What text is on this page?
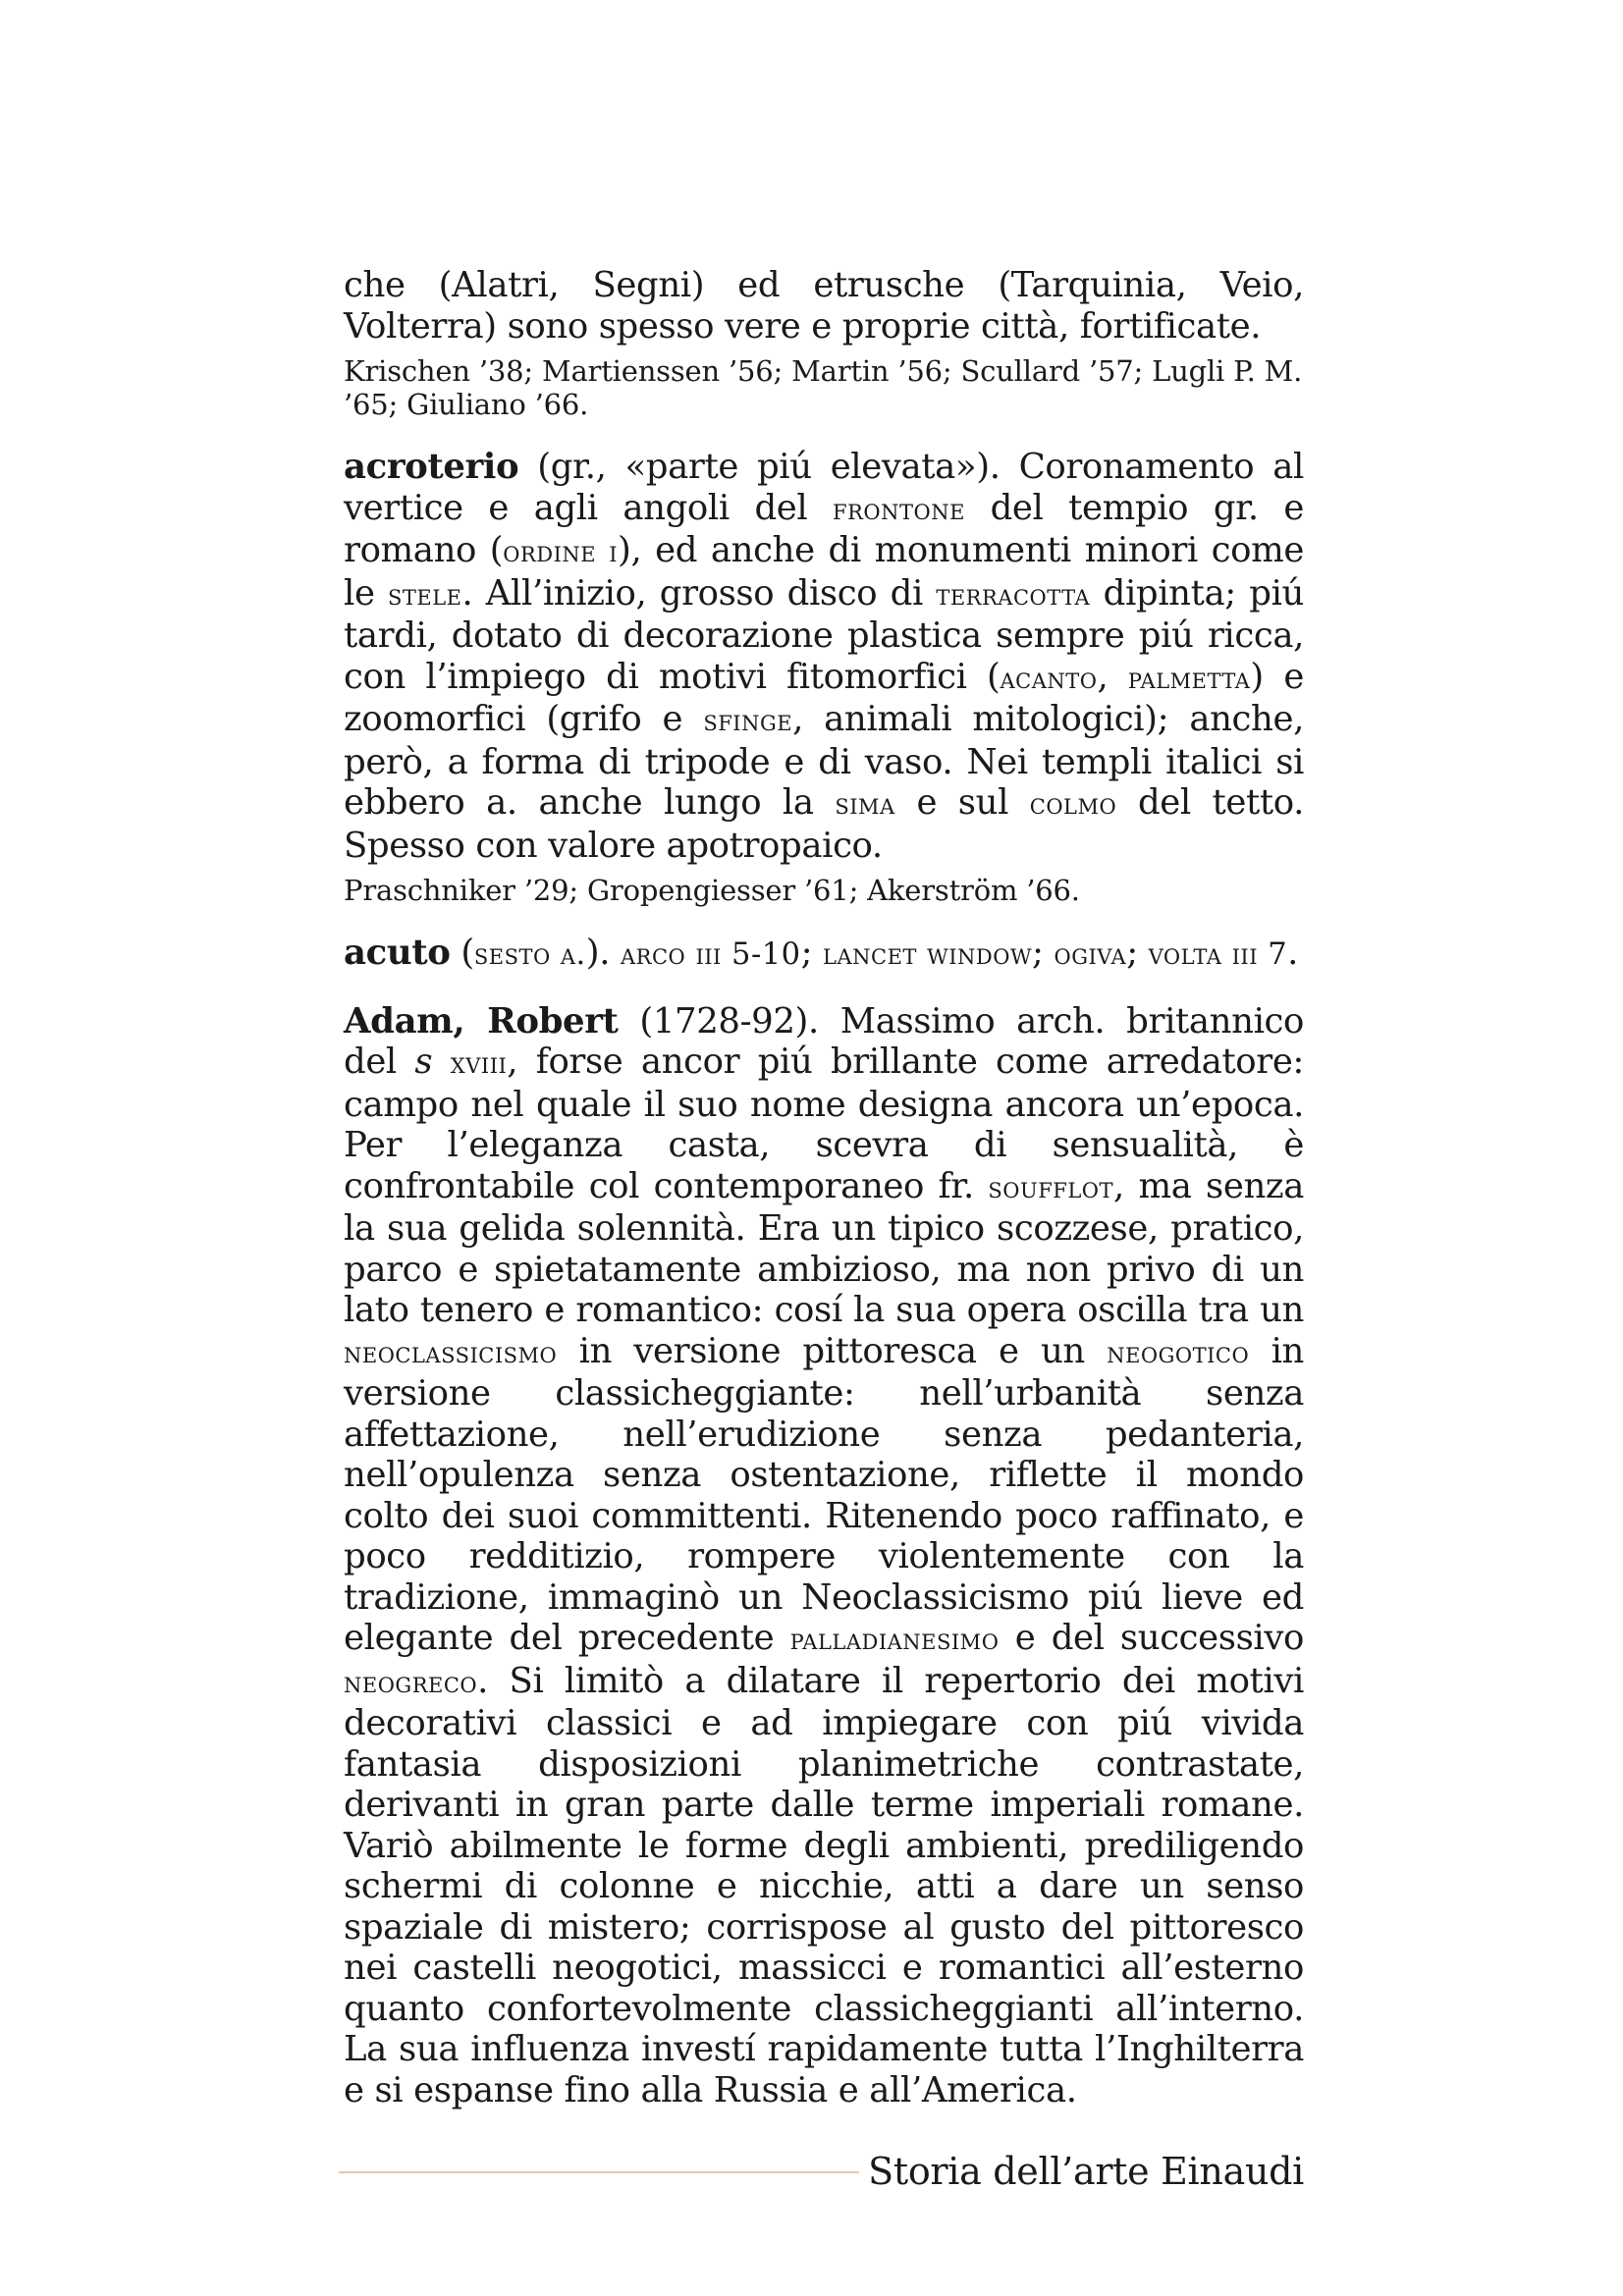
che (Alatri, Segni) ed etrusche (Tarquinia, Veio, Volterra) sono spesso vere e proprie città, fortificate.

Krischen ’38; Martienssen ’56; Martin ’56; Scullard ’57; Lugli P. M. ’65; Giuliano ’66.

acroterio (gr., «parte piú elevata»). Coronamento al vertice e agli angoli del frontone del tempio gr. e romano (ordine i), ed anche di monumenti minori come le stele. All’inizio, grosso disco di terracotta dipinta; piú tardi, dotato di decorazione plastica sempre piú ricca, con l’impiego di motivi fitomorfici (acanto, palmetta) e zoomorfici (grifo e sfinge, animali mitologici); anche, però, a forma di tripode e di vaso. Nei templi italici si ebbero a. anche lungo la sima e sul colmo del tetto. Spesso con valore apotropaico.

Praschniker ’29; Gropengiesser ’61; Akerström ’66.

acuto (sesto a.). arco iii 5-10; lancet window; ogiva; volta iii 7.

Adam, Robert (1728-92). Massimo arch. britannico del s xviii, forse ancor piú brillante come arredatore: campo nel quale il suo nome designa ancora un’epoca. Per l’eleganza casta, scevra di sensualità, è confrontabile col contemporaneo fr. soufflot, ma senza la sua gelida solennità. Era un tipico scozzese, pratico, parco e spietatamente ambizioso, ma non privo di un lato tenero e romantico: cosí la sua opera oscilla tra un neoclassicismo in versione pittoresca e un neogotico in versione classicheggiante: nell’urbanità senza affettazione, nell’erudizione senza pedanteria, nell’opulenza senza ostentazione, riflette il mondo colto dei suoi committenti. Ritenendo poco raffinato, e poco redditizio, rompere violentemente con la tradizione, immaginò un Neoclassicismo piú lieve ed elegante del precedente palladianesimo e del successivo neogreco. Si limitò a dilatare il repertorio dei motivi decorativi classici e ad impiegare con piú vivida fantasia disposizioni planimetriche contrastate, derivanti in gran parte dalle terme imperiali romane. Variò abilmente le forme degli ambienti, prediligendo schermi di colonne e nicchie, atti a dare un senso spaziale di mistero; corrispose al gusto del pittoresco nei castelli neogotici, massicci e romantici all’esterno quanto confortevolmente classicheggianti all’interno. La sua influenza investí rapidamente tutta l’Inghilterra e si espanse fino alla Russia e all’America.

Storia dell’arte Einaudi
